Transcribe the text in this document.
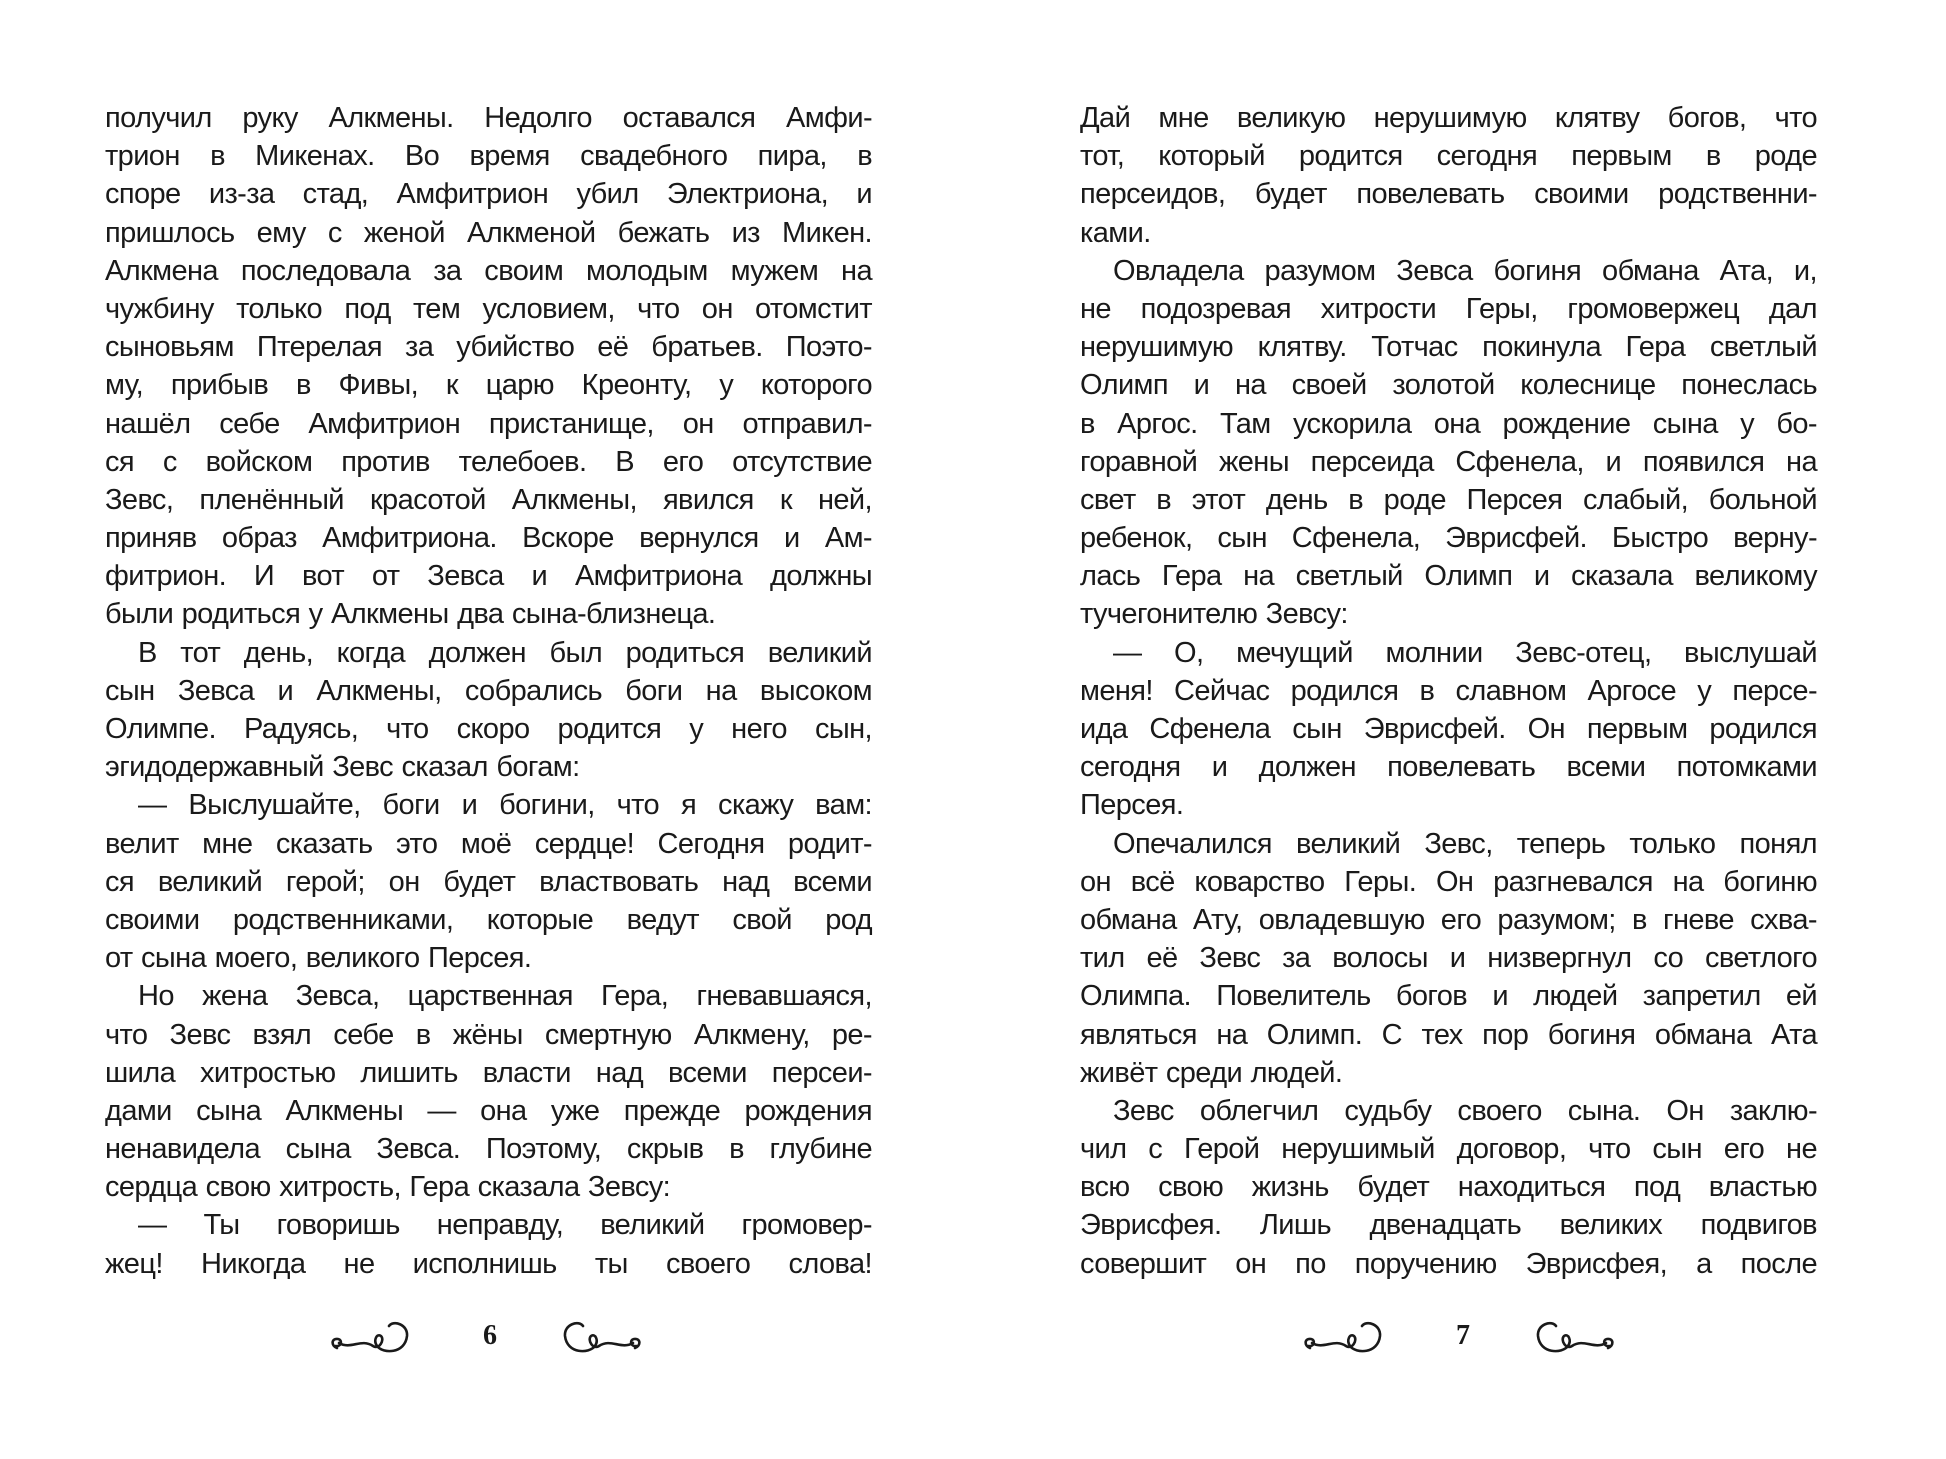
получил руку Алкмены. Недолго оставался Амфи-
трион в Микенах. Во время свадебного пира, в
споре из-за стад, Амфитрион убил Электриона, и
пришлось ему с женой Алкменой бежать из Микен.
Алкмена последовала за своим молодым мужем на
чужбину только под тем условием, что он отомстит
сыновьям Птерелая за убийство её братьев. Поэто-
му, прибыв в Фивы, к царю Креонту, у которого
нашёл себе Амфитрион пристанище, он отправил-
ся с войском против телебоев. В его отсутствие
Зевс, пленённый красотой Алкмены, явился к ней,
приняв образ Амфитриона. Вскоре вернулся и Ам-
фитрион. И вот от Зевса и Амфитриона должны
были родиться у Алкмены два сына-близнеца.
В тот день, когда должен был родиться великий
сын Зевса и Алкмены, собрались боги на высоком
Олимпе. Радуясь, что скоро родится у него сын,
эгидодержавный Зевс сказал богам:
— Выслушайте, боги и богини, что я скажу вам:
велит мне сказать это моё сердце! Сегодня родит-
ся великий герой; он будет властвовать над всеми
своими родственниками, которые ведут свой род
от сына моего, великого Персея.
Но жена Зевса, царственная Гера, гневавшаяся,
что Зевс взял себе в жёны смертную Алкмену, ре-
шила хитростью лишить власти над всеми персеи-
дами сына Алкмены — она уже прежде рождения
ненавидела сына Зевса. Поэтому, скрыв в глубине
сердца свою хитрость, Гера сказала Зевсу:
— Ты говоришь неправду, великий громовер-
жец! Никогда не исполнишь ты своего слова!
6
Дай мне великую нерушимую клятву богов, что
тот, который родится сегодня первым в роде
персеидов, будет повелевать своими родственни-
ками.
Овладела разумом Зевса богиня обмана Ата, и,
не подозревая хитрости Геры, громовержец дал
нерушимую клятву. Тотчас покинула Гера светлый
Олимп и на своей золотой колеснице понеслась
в Аргос. Там ускорила она рождение сына у бо-
горавной жены персеида Сфенела, и появился на
свет в этот день в роде Персея слабый, больной
ребенок, сын Сфенела, Эврисфей. Быстро верну-
лась Гера на светлый Олимп и сказала великому
тучегонителю Зевсу:
— О, мечущий молнии Зевс-отец, выслушай
меня! Сейчас родился в славном Аргосе у персе-
ида Сфенела сын Эврисфей. Он первым родился
сегодня и должен повелевать всеми потомками
Персея.
Опечалился великий Зевс, теперь только понял
он всё коварство Геры. Он разгневался на богиню
обмана Ату, овладевшую его разумом; в гневе схва-
тил её Зевс за волосы и низвергнул со светлого
Олимпа. Повелитель богов и людей запретил ей
являться на Олимп. С тех пор богиня обмана Ата
живёт среди людей.
Зевс облегчил судьбу своего сына. Он заклю-
чил с Герой нерушимый договор, что сын его не
всю свою жизнь будет находиться под властью
Эврисфея. Лишь двенадцать великих подвигов
совершит он по поручению Эврисфея, а после
7
